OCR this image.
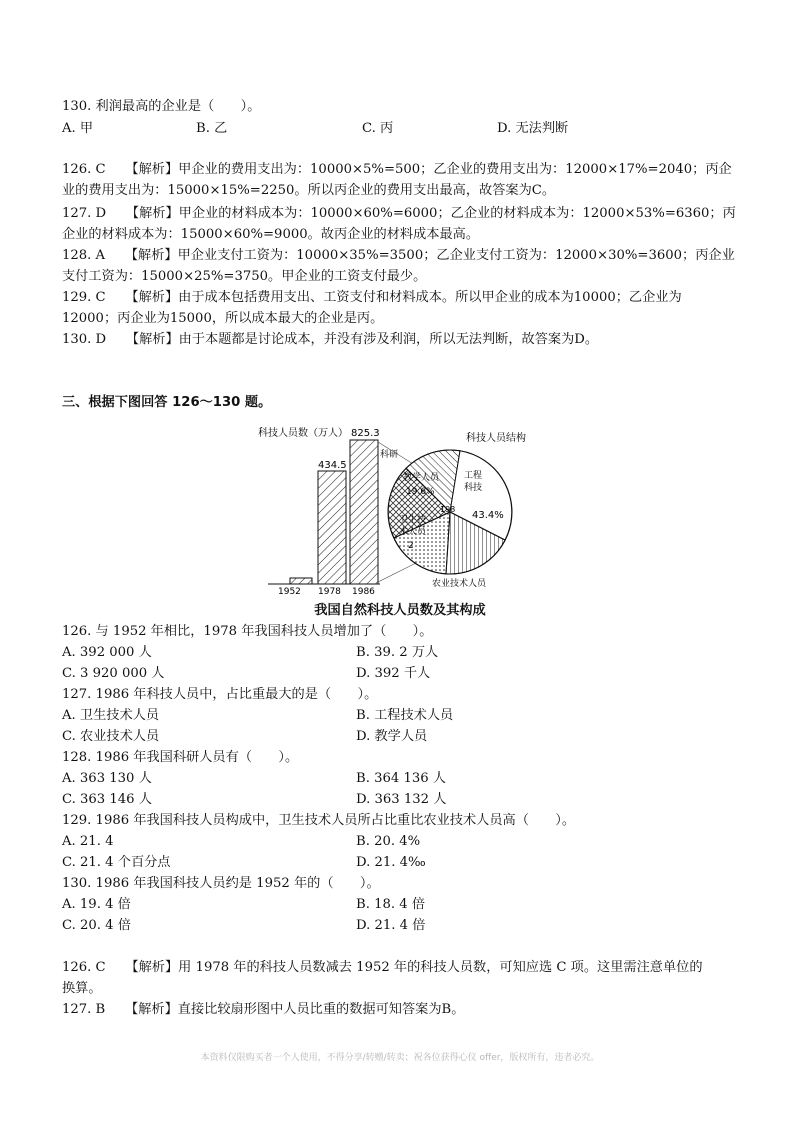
130. 利润最高的企业是（　　）。
A. 甲	B. 乙	C. 丙	D. 无法判断
126. C　　【解析】甲企业的费用支出为：10000×5%=500；乙企业的费用支出为：12000×17%=2040；丙企
业的费用支出为：15000×15%=2250。所以丙企业的费用支出最高，故答案为C。
127. D　　【解析】甲企业的材料成本为：10000×60%=6000；乙企业的材料成本为：12000×53%=6360；丙
企业的材料成本为：15000×60%=9000。故丙企业的材料成本最高。
128. A　　【解析】甲企业支付工资为：10000×35%=3500；乙企业支付工资为：12000×30%=3600；丙企业
支付工资为：15000×25%=3750。甲企业的工资支付最少。
129. C　　【解析】由于成本包括费用支出、工资支付和材料成本。所以甲企业的成本为10000；乙企业为
12000；丙企业为15000，所以成本最大的企业是丙。
130. D　　【解析】由于本题都是讨论成本，并没有涉及利润，所以无法判断，故答案为D。
三、根据下图回答 126～130 题。
科技人员数（万人）
434.5
825.3
科研
1952 1978 1986
科技人员结构
教学人员
19.6%
工程
科技
43.4%
卫生技
术人员
198
2
农业技术人员
我国自然科技人员数及其构成
126. 与 1952 年相比，1978 年我国科技人员增加了（　　）。
A. 392 000 人	B. 39. 2 万人
C. 3 920 000 人	D. 392 千人
127. 1986 年科技人员中，占比重最大的是（　　）。
A. 卫生技术人员	B. 工程技术人员
C. 农业技术人员	D. 教学人员
128. 1986 年我国科研人员有（　　）。
A. 363 130 人	B. 364 136 人
C. 363 146 人	D. 363 132 人
129. 1986 年我国科技人员构成中，卫生技术人员所占比重比农业技术人员高（　　）。
A. 21. 4	B. 20. 4%
C. 21. 4 个百分点	D. 21. 4‰
130. 1986 年我国科技人员约是 1952 年的（　　）。
A. 19. 4 倍	B. 18. 4 倍
C. 20. 4 倍	D. 21. 4 倍
126. C　　【解析】用 1978 年的科技人员数减去 1952 年的科技人员数，可知应选 C 项。这里需注意单位的
换算。
127. B　　【解析】直接比较扇形图中人员比重的数据可知答案为B。
本资料仅限购买者一个人使用，不得分享/转赠/转卖；祝各位获得心仪 offer，版权所有，违者必究。
